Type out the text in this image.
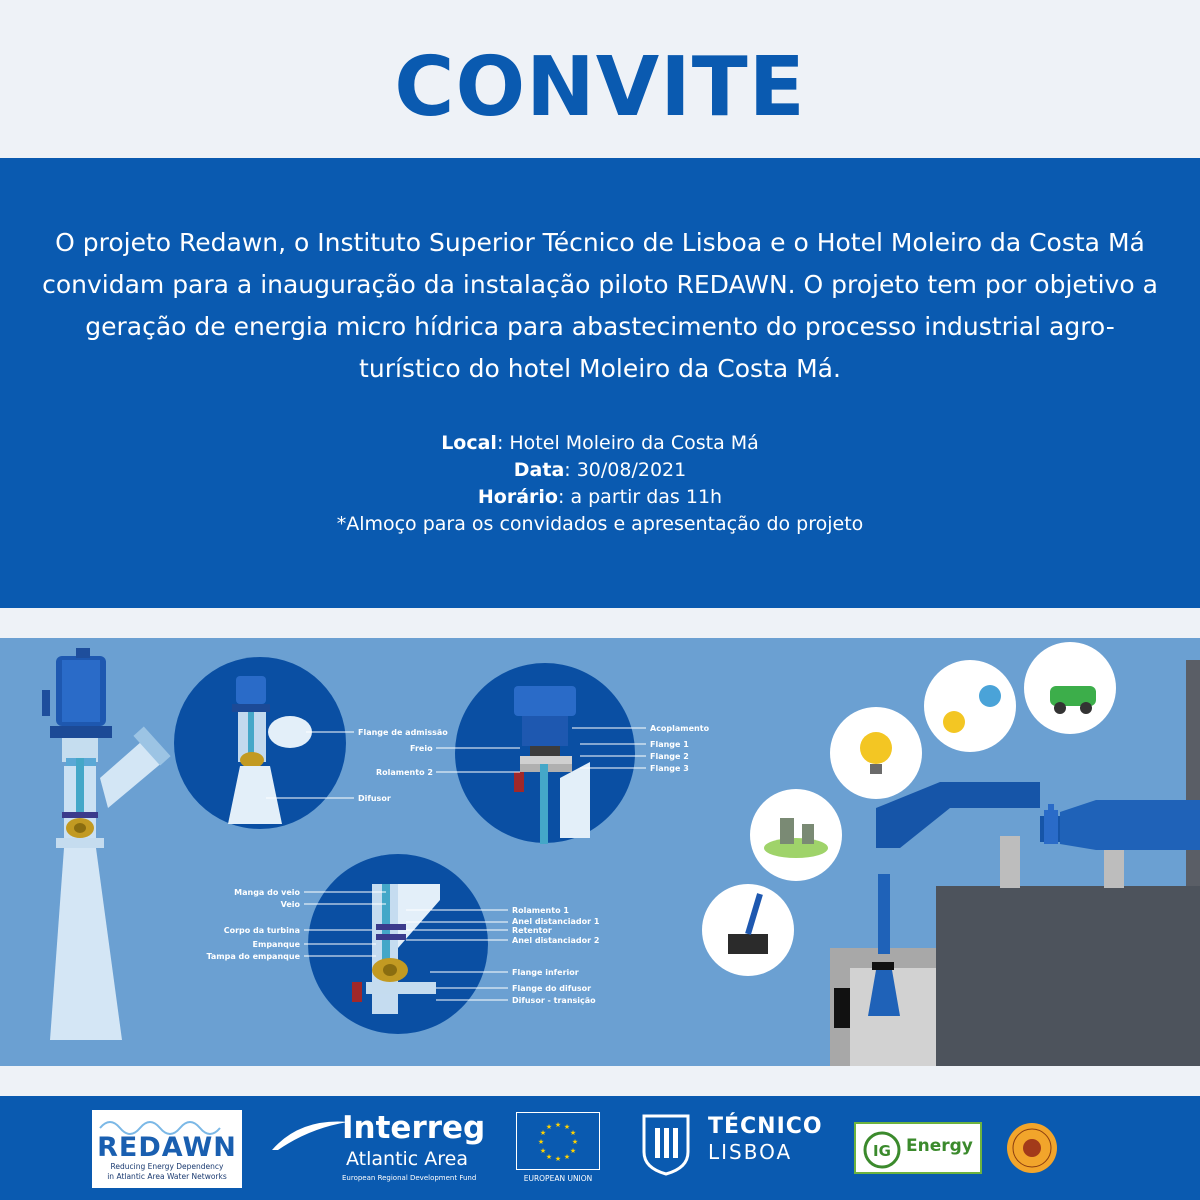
CONVITE

O projeto Redawn, o Instituto Superior Técnico de Lisboa e o Hotel Moleiro da Costa Má convidam para a inauguração da instalação piloto REDAWN. O projeto tem por objetivo a geração de energia micro hídrica para abastecimento do processo industrial agro-turístico do hotel Moleiro da Costa Má.

Local: Hotel Moleiro da Costa Má
Data: 30/08/2021
Horário: a partir das 11h
*Almoço para os convidados e apresentação do projeto
Flange de admissão
Difusor
Acoplamento
Freio	Flange 1
Flange 2
Flange 3
Rolamento 2
Manga do veio
Veio
Corpo da turbina
Empanque
Tampa do empanque
Rolamento 1
Anel distanciador 1
Retentor
Anel distanciador 2
Flange inferior
Flange do difusor
Difusor - transição
REDAWN
Reducing Energy Dependency
in Atlantic Area Water Networks
Interreg
Atlantic Area
European Regional Development Fund
★ ★
★
★
★
★
★
★
★
★
★
★
EUROPEAN UNION
TÉCNICO
LISBOA	IG Energy
